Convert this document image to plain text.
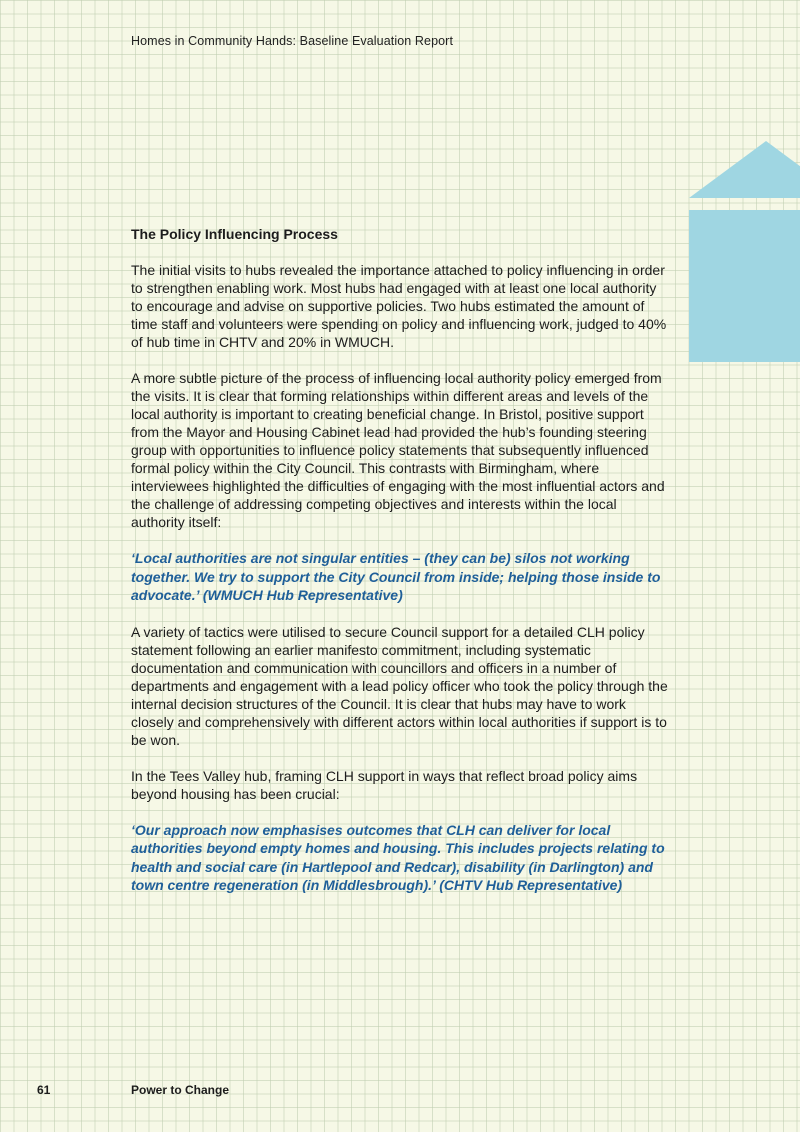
Homes in Community Hands: Baseline Evaluation Report
The Policy Influencing Process

The initial visits to hubs revealed the importance attached to policy influencing in order to strengthen enabling work. Most hubs had engaged with at least one local authority to encourage and advise on supportive policies. Two hubs estimated the amount of time staff and volunteers were spending on policy and influencing work, judged to 40% of hub time in CHTV and 20% in WMUCH.

A more subtle picture of the process of influencing local authority policy emerged from the visits. It is clear that forming relationships within different areas and levels of the local authority is important to creating beneficial change. In Bristol, positive support from the Mayor and Housing Cabinet lead had provided the hub’s founding steering group with opportunities to influence policy statements that subsequently influenced formal policy within the City Council. This contrasts with Birmingham, where interviewees highlighted the difficulties of engaging with the most influential actors and the challenge of addressing competing objectives and interests within the local authority itself:

‘Local authorities are not singular entities – (they can be) silos not working together. We try to support the City Council from inside; helping those inside to advocate.’ (WMUCH Hub Representative)

A variety of tactics were utilised to secure Council support for a detailed CLH policy statement following an earlier manifesto commitment, including systematic documentation and communication with councillors and officers in a number of departments and engagement with a lead policy officer who took the policy through the internal decision structures of the Council. It is clear that hubs may have to work closely and comprehensively with different actors within local authorities if support is to be won.

In the Tees Valley hub, framing CLH support in ways that reflect broad policy aims beyond housing has been crucial:

‘Our approach now emphasises outcomes that CLH can deliver for local authorities beyond empty homes and housing. This includes projects relating to health and social care (in Hartlepool and Redcar), disability (in Darlington) and town centre regeneration (in Middlesbrough).’ (CHTV Hub Representative)

61	Power to Change
